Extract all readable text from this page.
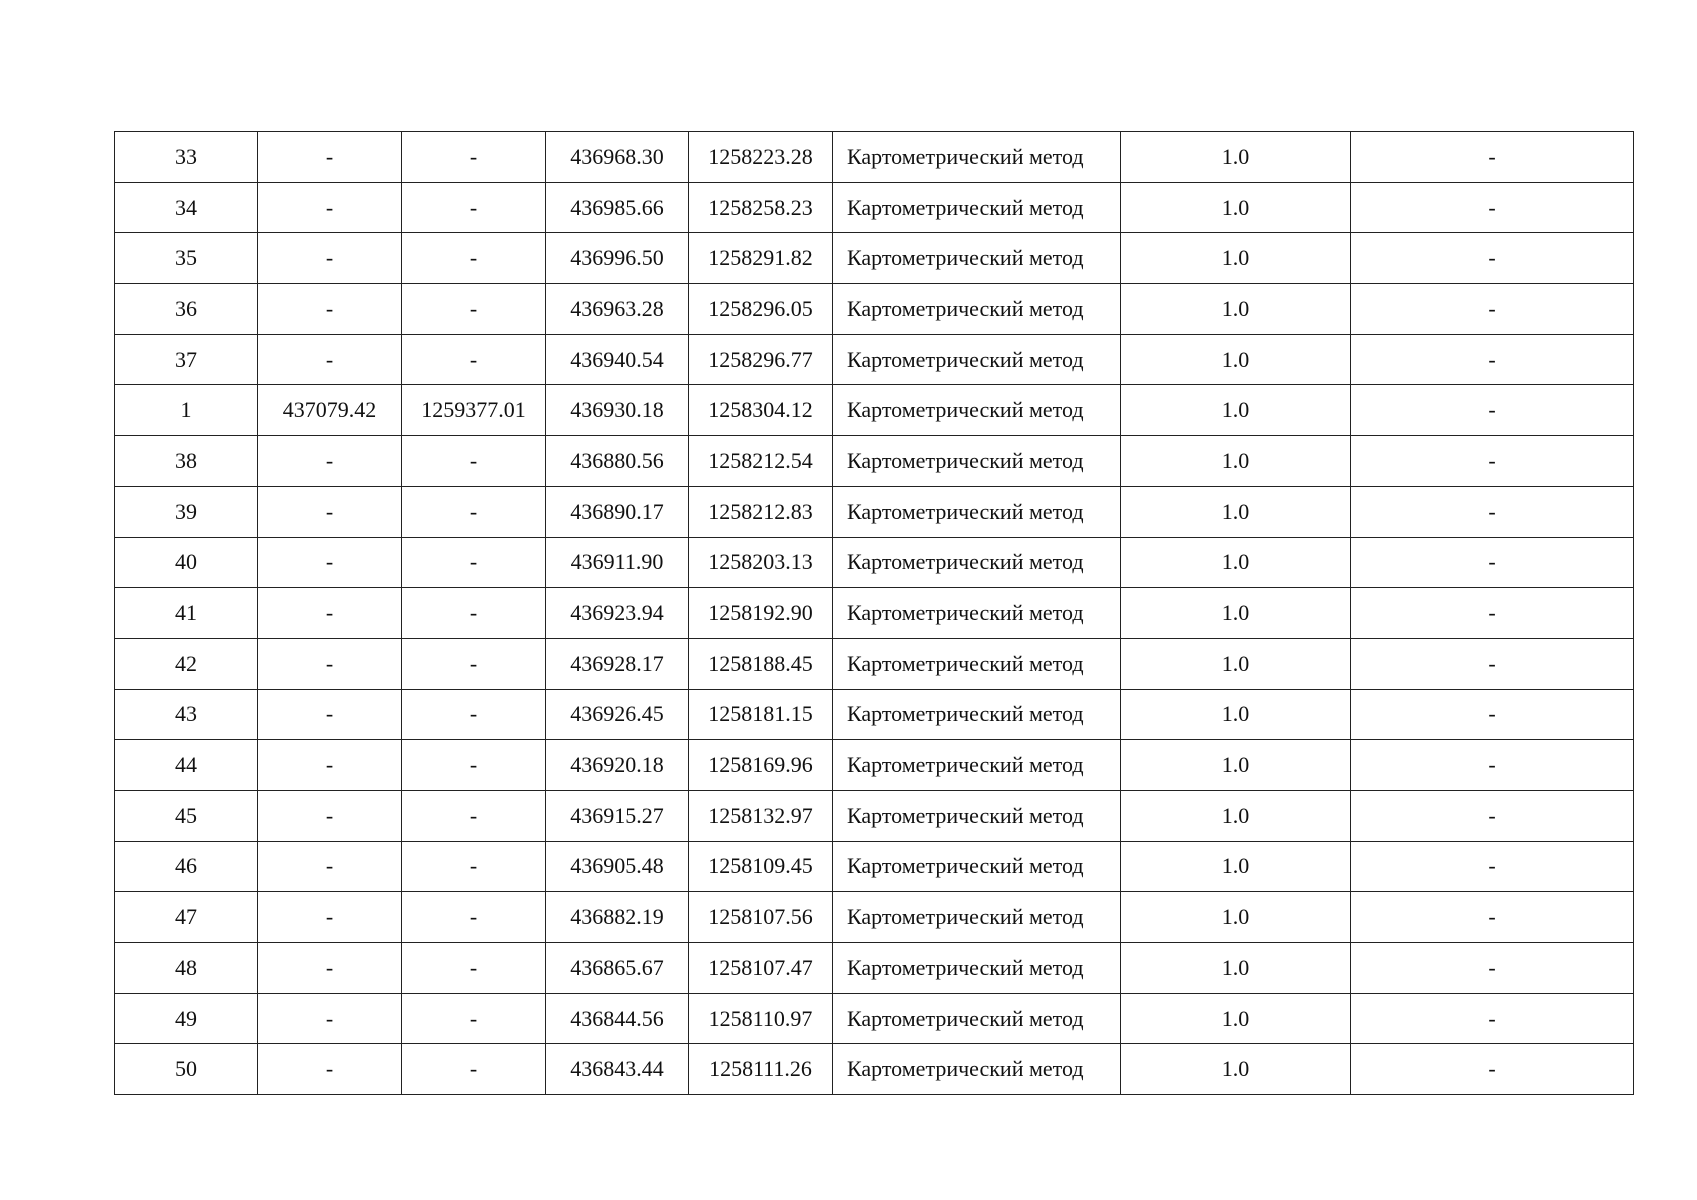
33	-	-	436968.30	1258223.28	Картометрический метод	1.0	-
34	-	-	436985.66	1258258.23	Картометрический метод	1.0	-
35	-	-	436996.50	1258291.82	Картометрический метод	1.0	-
36	-	-	436963.28	1258296.05	Картометрический метод	1.0	-
37	-	-	436940.54	1258296.77	Картометрический метод	1.0	-
1	437079.42	1259377.01	436930.18	1258304.12	Картометрический метод	1.0	-
38	-	-	436880.56	1258212.54	Картометрический метод	1.0	-
39	-	-	436890.17	1258212.83	Картометрический метод	1.0	-
40	-	-	436911.90	1258203.13	Картометрический метод	1.0	-
41	-	-	436923.94	1258192.90	Картометрический метод	1.0	-
42	-	-	436928.17	1258188.45	Картометрический метод	1.0	-
43	-	-	436926.45	1258181.15	Картометрический метод	1.0	-
44	-	-	436920.18	1258169.96	Картометрический метод	1.0	-
45	-	-	436915.27	1258132.97	Картометрический метод	1.0	-
46	-	-	436905.48	1258109.45	Картометрический метод	1.0	-
47	-	-	436882.19	1258107.56	Картометрический метод	1.0	-
48	-	-	436865.67	1258107.47	Картометрический метод	1.0	-
49	-	-	436844.56	1258110.97	Картометрический метод	1.0	-
50	-	-	436843.44	1258111.26	Картометрический метод	1.0	-
